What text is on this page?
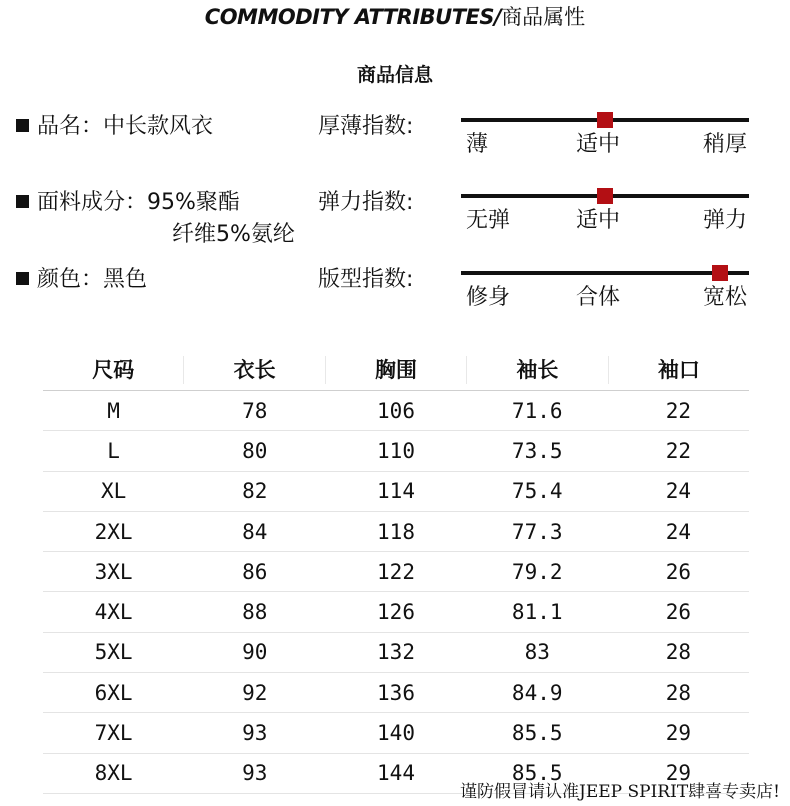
COMMODITY ATTRIBUTES/商品属性
商品信息
品名：中长款风衣
面料成分：95%聚酯
纤维5%氨纶
颜色：黑色
厚薄指数:
薄	适中	稍厚
弹力指数:
无弹	适中	弹力
版型指数:
修身	合体	宽松
尺码	衣长	胸围	袖长	袖口
M	78	106	71.6	22
L	80	110	73.5	22
XL	82	114	75.4	24
2XL	84	118	77.3	24
3XL	86	122	79.2	26
4XL	88	126	81.1	26
5XL	90	132	83	28
6XL	92	136	84.9	28
7XL	93	140	85.5	29
8XL	93	144	85.5	29
谨防假冒请认准JEEP SPIRIT肆喜专卖店!
